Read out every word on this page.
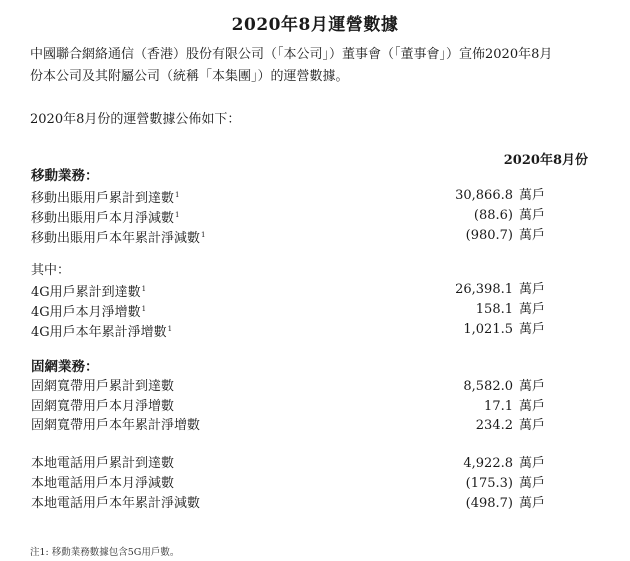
2020年8月運營數據

中國聯合網絡通信（香港）股份有限公司（「本公司」）董事會（「董事會」）宣佈2020年8月

份本公司及其附屬公司（統稱「本集團」）的運營數據。

2020年8月份的運營數據公佈如下：
2020年8月份
移動業務：
移動出賬用戶累計到達數$^1$	30,866.8 萬戶
移動出賬用戶本月淨減數$^1$	(88.6) 萬戶
移動出賬用戶本年累計淨減數$^1$	(980.7) 萬戶
其中：
4G用戶累計到達數$^1$	26,398.1 萬戶
4G用戶本月淨增數$^1$	158.1 萬戶
4G用戶本年累計淨增數$^1$	1,021.5 萬戶
固網業務：
固網寬帶用戶累計到達數	8,582.0 萬戶
固網寬帶用戶本月淨增數	17.1 萬戶
固網寬帶用戶本年累計淨增數	234.2 萬戶
本地電話用戶累計到達數	4,922.8 萬戶
本地電話用戶本月淨減數	(175.3) 萬戶
本地電話用戶本年累計淨減數	(498.7) 萬戶
注1: 移動業務數據包含5G用戶數。
